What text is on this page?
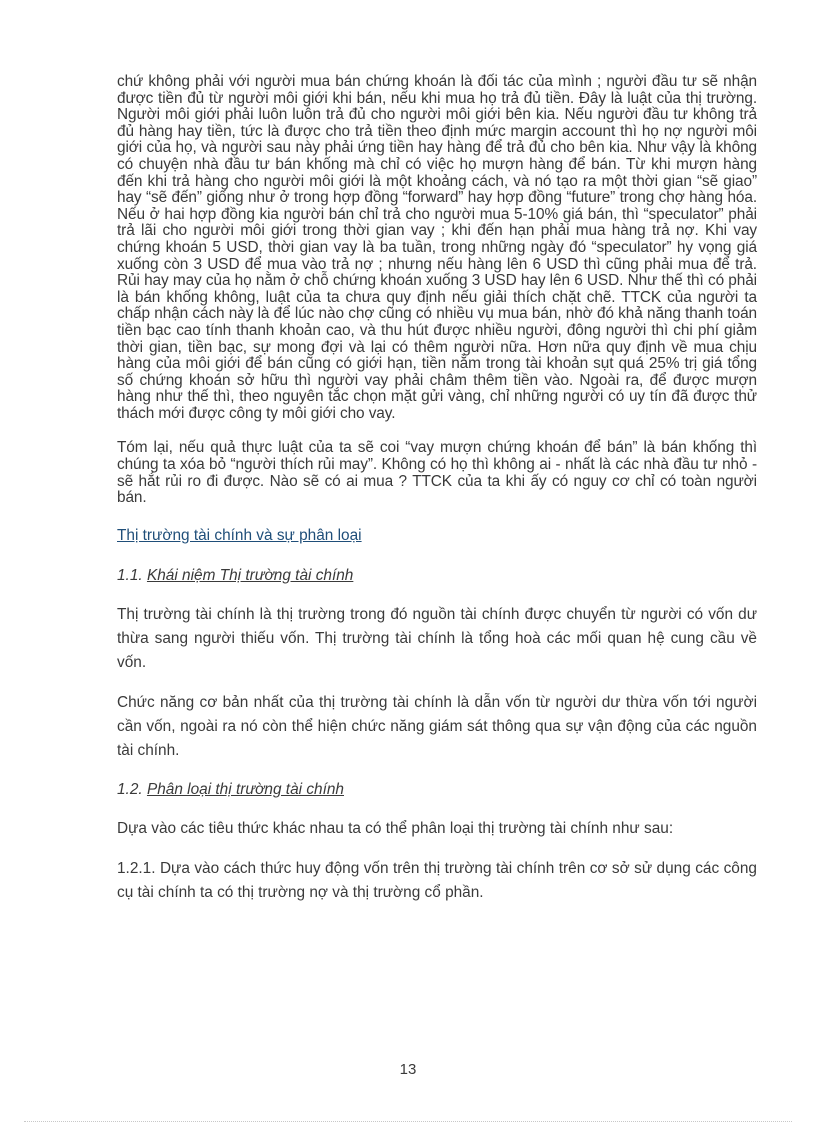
chứ không phải với người mua bán chứng khoán là đối tác của mình ; người đầu tư sẽ nhận được tiền đủ từ người môi giới khi bán, nếu khi mua họ trả đủ tiền. Đây là luật của thị trường. Người môi giới phải luôn luôn trả đủ cho người môi giới bên kia. Nếu người đầu tư không trả đủ hàng hay tiền, tức là được cho trả tiền theo định mức margin account thì họ nợ người môi giới của họ, và người sau này phải ứng tiền hay hàng để trả đủ cho bên kia. Như vậy là không có chuyện nhà đầu tư bán khống mà chỉ có việc họ mượn hàng để bán. Từ khi mượn hàng đến khi trả hàng cho người môi giới là một khoảng cách, và nó tạo ra một thời gian “sẽ giao” hay “sẽ đến” giống như ở trong hợp đồng “forward” hay hợp đồng “future” trong chợ hàng hóa. Nếu ở hai hợp đồng kia người bán chỉ trả cho người mua 5-10% giá bán, thì “speculator” phải trả lãi cho người môi giới trong thời gian vay ; khi đến hạn phải mua hàng trả nợ. Khi vay chứng khoán 5 USD, thời gian vay là ba tuần, trong những ngày đó “speculator” hy vọng giá xuống còn 3 USD để mua vào trả nợ ; nhưng nếu hàng lên 6 USD thì cũng phải mua để trả. Rủi hay may của họ nằm ở chỗ chứng khoán xuống 3 USD hay lên 6 USD. Như thế thì có phải là bán khống không, luật của ta chưa quy định nếu giải thích chặt chẽ. TTCK của người ta chấp nhận cách này là để lúc nào chợ cũng có nhiều vụ mua bán, nhờ đó khả năng thanh toán tiền bạc cao tính thanh khoản cao, và thu hút được nhiều người, đông người thì chi phí giảm thời gian, tiền bạc, sự mong đợi và lại có thêm người nữa. Hơn nữa quy định về mua chịu hàng của môi giới để bán cũng có giới hạn, tiền nằm trong tài khoản sụt quá 25% trị giá tổng số chứng khoán sở hữu thì người vay phải châm thêm tiền vào. Ngoài ra, để được mượn hàng như thế thì, theo nguyên tắc chọn mặt gửi vàng, chỉ những người có uy tín đã được thử thách mới được công ty môi giới cho vay.

Tóm lại, nếu quả thực luật của ta sẽ coi “vay mượn chứng khoán để bán” là bán khống thì chúng ta xóa bỏ “người thích rủi may”. Không có họ thì không ai - nhất là các nhà đầu tư nhỏ - sẽ hắt rủi ro đi được. Nào sẽ có ai mua ? TTCK của ta khi ấy có nguy cơ chỉ có toàn người bán.

Thị trường tài chính và sự phân loại
1.1. Khái niệm Thị trường tài chính

Thị trường tài chính là thị trường trong đó nguồn tài chính được chuyển từ người có vốn dư thừa sang người thiếu vốn. Thị trường tài chính là tổng hoà các mối quan hệ cung cầu về vốn.

Chức năng cơ bản nhất của thị trường tài chính là dẫn vốn từ người dư thừa vốn tới người cần vốn, ngoài ra nó còn thể hiện chức năng giám sát thông qua sự vận động của các nguồn tài chính.

1.2. Phân loại thị trường tài chính

Dựa vào các tiêu thức khác nhau ta có thể phân loại thị trường tài chính như sau:

1.2.1. Dựa vào cách thức huy động vốn trên thị trường tài chính trên cơ sở sử dụng các công cụ tài chính ta có thị trường nợ và thị trường cổ phần.

13
